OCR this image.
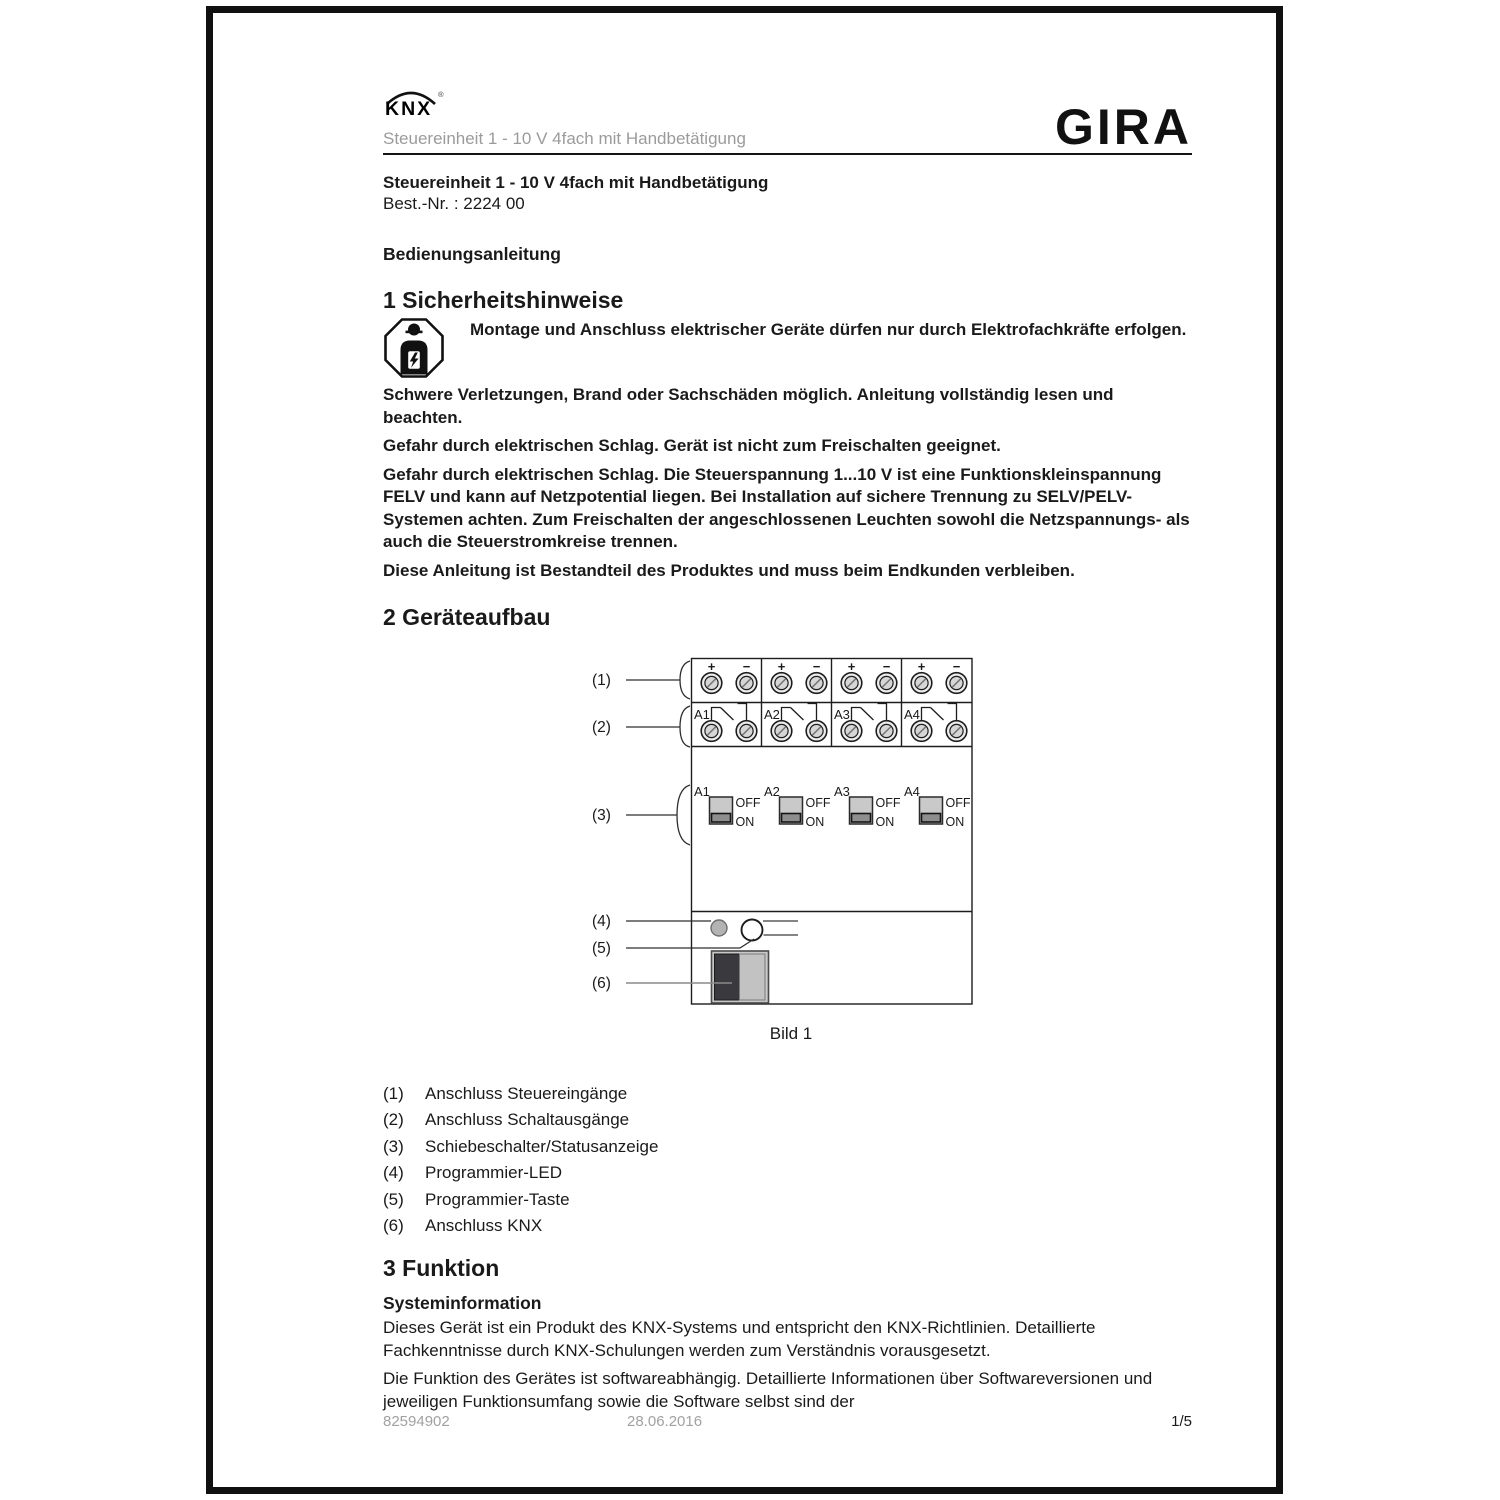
KNX
®
Steuereinheit 1 - 10 V 4fach mit Handbetätigung	GIRA
Steuereinheit 1 - 10 V 4fach mit Handbetätigung
Best.-Nr. : 2224 00
Bedienungsanleitung
1 Sicherheitshinweise
Montage und Anschluss elektrischer Geräte dürfen nur durch Elektrofachkräfte erfolgen.

Schwere Verletzungen, Brand oder Sachschäden möglich. Anleitung vollständig lesen und beachten.

Gefahr durch elektrischen Schlag. Gerät ist nicht zum Freischalten geeignet.

Gefahr durch elektrischen Schlag. Die Steuerspannung 1...10 V ist eine Funktionskleinspannung FELV und kann auf Netzpotential liegen. Bei Installation auf sichere Trennung zu SELV/PELV-Systemen achten. Zum Freischalten der angeschlossenen Leuchten sowohl die Netzspannungs- als auch die Steuerstromkreise trennen.

Diese Anleitung ist Bestandteil des Produktes und muss beim Endkunden verbleiben.

2 Geräteaufbau
+ − + − + − + −
A1	A2	A3	A4
A1	A2	A3	A4
OFF
ON
OFF
ON
OFF
ON
OFF
ON
(1)
(2)
(3)
(4)
(5)
(6)
Bild 1
(1)	Anschluss Steuereingänge
(2)	Anschluss Schaltausgänge
(3)	Schiebeschalter/Statusanzeige
(4)	Programmier-LED
(5)	Programmier-Taste
(6)	Anschluss KNX
3 Funktion
Systeminformation

Dieses Gerät ist ein Produkt des KNX-Systems und entspricht den KNX-Richtlinien. Detaillierte Fachkenntnisse durch KNX-Schulungen werden zum Verständnis vorausgesetzt.

Die Funktion des Gerätes ist softwareabhängig. Detaillierte Informationen über Softwareversionen und jeweiligen Funktionsumfang sowie die Software selbst sind der

82594902	28.06.2016	1/5
